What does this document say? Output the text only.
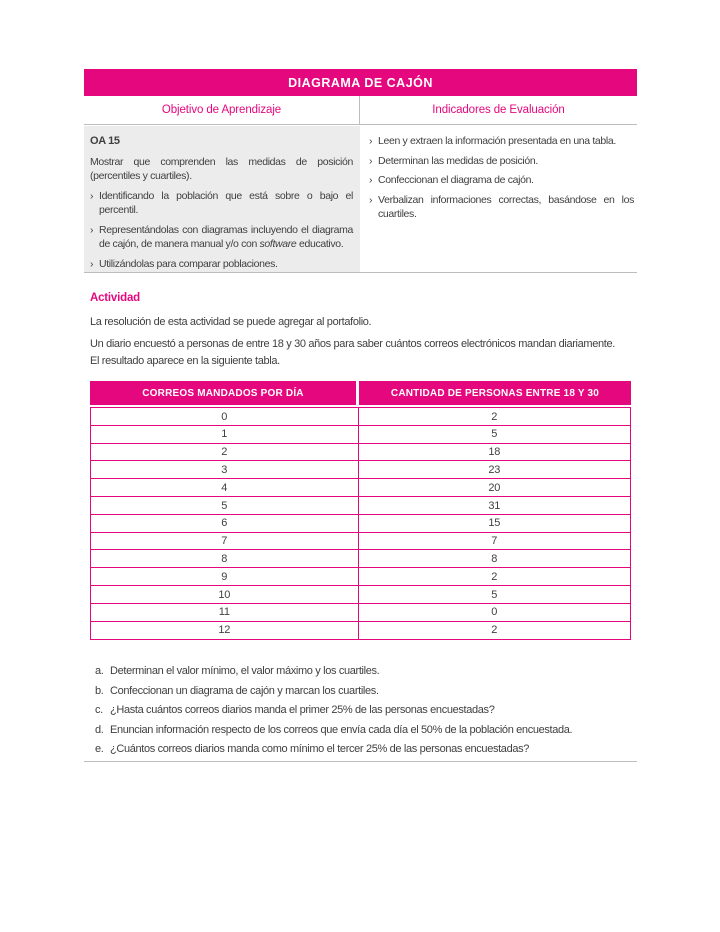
DIAGRAMA DE CAJÓN
Objetivo de Aprendizaje	Indicadores de Evaluación

OA 15

Mostrar que comprenden las medidas de posición (percentiles y cuartiles).

› Identificando la población que está sobre o bajo el percentil.
› Representándolas con diagramas incluyendo el diagrama de cajón, de manera manual y/o con software educativo.
› Utilizándolas para comparar poblaciones.
› Leen y extraen la información presentada en una tabla.
› Determinan las medidas de posición.
› Confeccionan el diagrama de cajón.
› Verbalizan informaciones correctas, basándose en los cuartiles.
Actividad

La resolución de esta actividad se puede agregar al portafolio.

Un diario encuestó a personas de entre 18 y 30 años para saber cuántos correos electrónicos mandan diariamente.

El resultado aparece en la siguiente tabla.

CORREOS MANDADOS POR DÍA	CANTIDAD DE PERSONAS ENTRE 18 Y 30
0	2
1	5
2	18
3	23
4	20
5	31
6	15
7	7
8	8
9	2
10	5
11	0
12	2
a. Determinan el valor mínimo, el valor máximo y los cuartiles.
b. Confeccionan un diagrama de cajón y marcan los cuartiles.
c. ¿Hasta cuántos correos diarios manda el primer 25% de las personas encuestadas?
d. Enuncian información respecto de los correos que envía cada día el 50% de la población encuestada.
e. ¿Cuántos correos diarios manda como mínimo el tercer 25% de las personas encuestadas?
